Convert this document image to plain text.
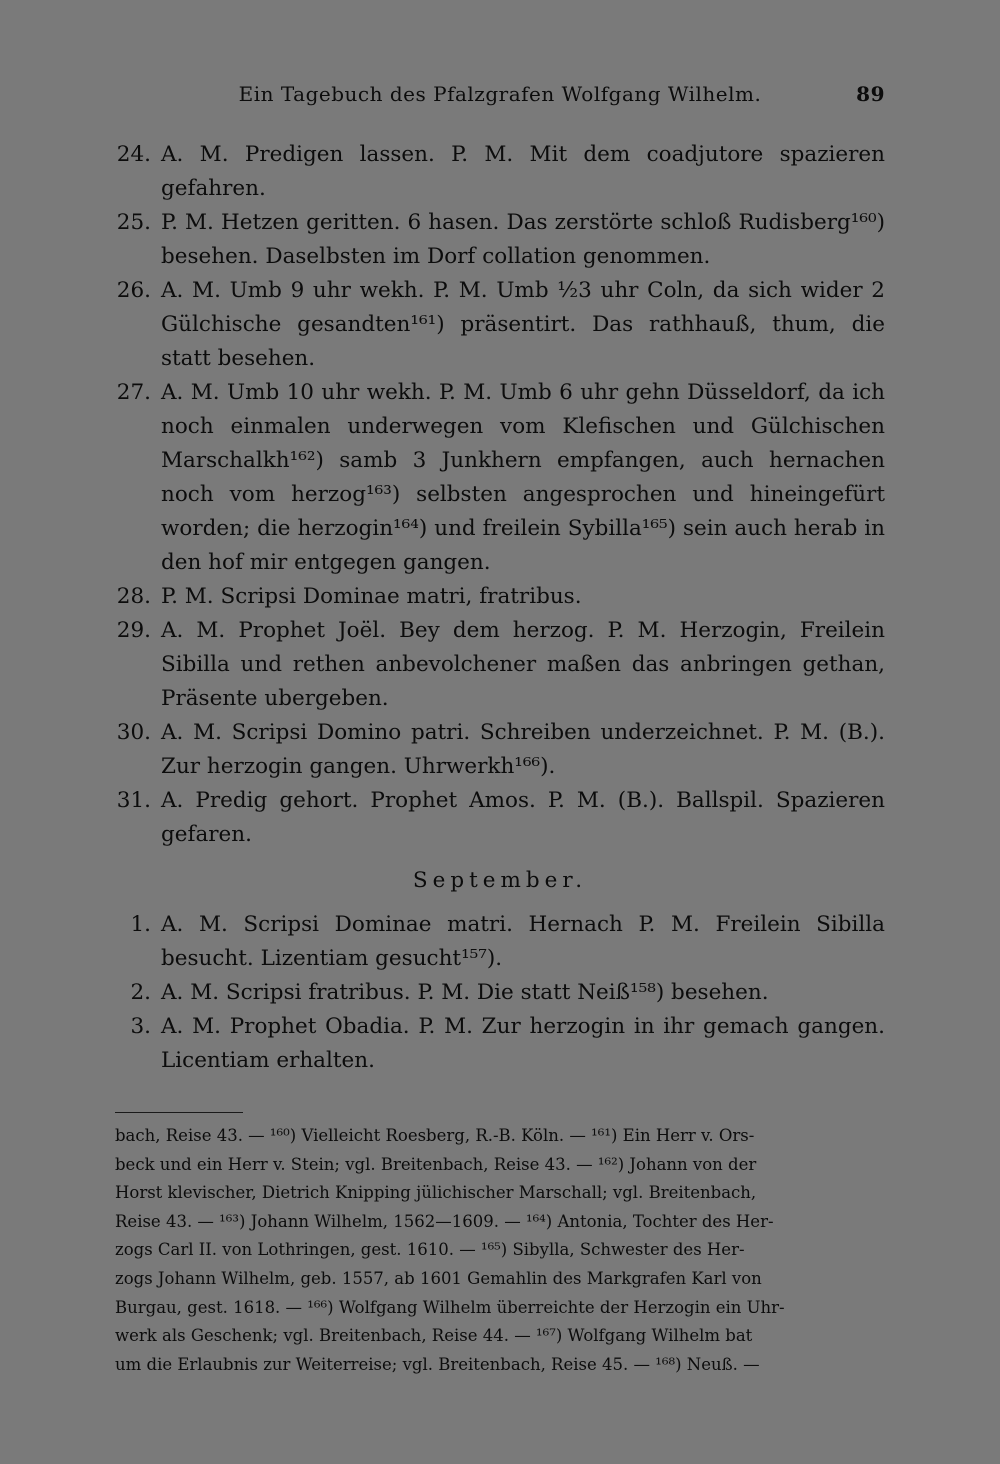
Ein Tagebuch des Pfalzgrafen Wolfgang Wilhelm.	89
24. A. M. Predigen lassen. P. M. Mit dem coadjutore spazieren gefahren.
25. P. M. Hetzen geritten. 6 hasen. Das zerstörte schloß Rudisberg¹⁶⁰) besehen. Daselbsten im Dorf collation genommen.
26. A. M. Umb 9 uhr wekh. P. M. Umb ½3 uhr Coln, da sich wider 2 Gülchische gesandten¹⁶¹) präsentirt. Das rathhauß, thum, die statt besehen.
27. A. M. Umb 10 uhr wekh. P. M. Umb 6 uhr gehn Düsseldorf, da ich noch einmalen underwegen vom Klefischen und Gülchischen Marschalkh¹⁶²) samb 3 Junkhern empfangen, auch hernachen noch vom herzog¹⁶³) selbsten angesprochen und hineingefürt worden; die herzogin¹⁶⁴) und freilein Sybilla¹⁶⁵) sein auch herab in den hof mir entgegen gangen.
28. P. M. Scripsi Dominae matri, fratribus.
29. A. M. Prophet Joël. Bey dem herzog. P. M. Herzogin, Freilein Sibilla und rethen anbevolchener maßen das anbringen gethan, Präsente ubergeben.
30. A. M. Scripsi Domino patri. Schreiben underzeichnet. P. M. (B.). Zur herzogin gangen. Uhrwerkh¹⁶⁶).
31. A. Predig gehort. Prophet Amos. P. M. (B.). Ballspil. Spazieren gefaren.
September.
1. A. M. Scripsi Dominae matri. Hernach P. M. Freilein Sibilla besucht. Lizentiam gesucht¹⁵⁷).
2. A. M. Scripsi fratribus. P. M. Die statt Neiß¹⁵⁸) besehen.
3. A. M. Prophet Obadia. P. M. Zur herzogin in ihr gemach gangen. Licentiam erhalten.
bach, Reise 43. — ¹⁶⁰) Vielleicht Roesberg, R.-B. Köln. — ¹⁶¹) Ein Herr v. Ors-
beck und ein Herr v. Stein; vgl. Breitenbach, Reise 43. — ¹⁶²) Johann von der
Horst klevischer, Dietrich Knipping jülichischer Marschall; vgl. Breitenbach,
Reise 43. — ¹⁶³) Johann Wilhelm, 1562—1609. — ¹⁶⁴) Antonia, Tochter des Her-
zogs Carl II. von Lothringen, gest. 1610. — ¹⁶⁵) Sibylla, Schwester des Her-
zogs Johann Wilhelm, geb. 1557, ab 1601 Gemahlin des Markgrafen Karl von
Burgau, gest. 1618. — ¹⁶⁶) Wolfgang Wilhelm überreichte der Herzogin ein Uhr-
werk als Geschenk; vgl. Breitenbach, Reise 44. — ¹⁶⁷) Wolfgang Wilhelm bat
um die Erlaubnis zur Weiterreise; vgl. Breitenbach, Reise 45. — ¹⁶⁸) Neuß. —
